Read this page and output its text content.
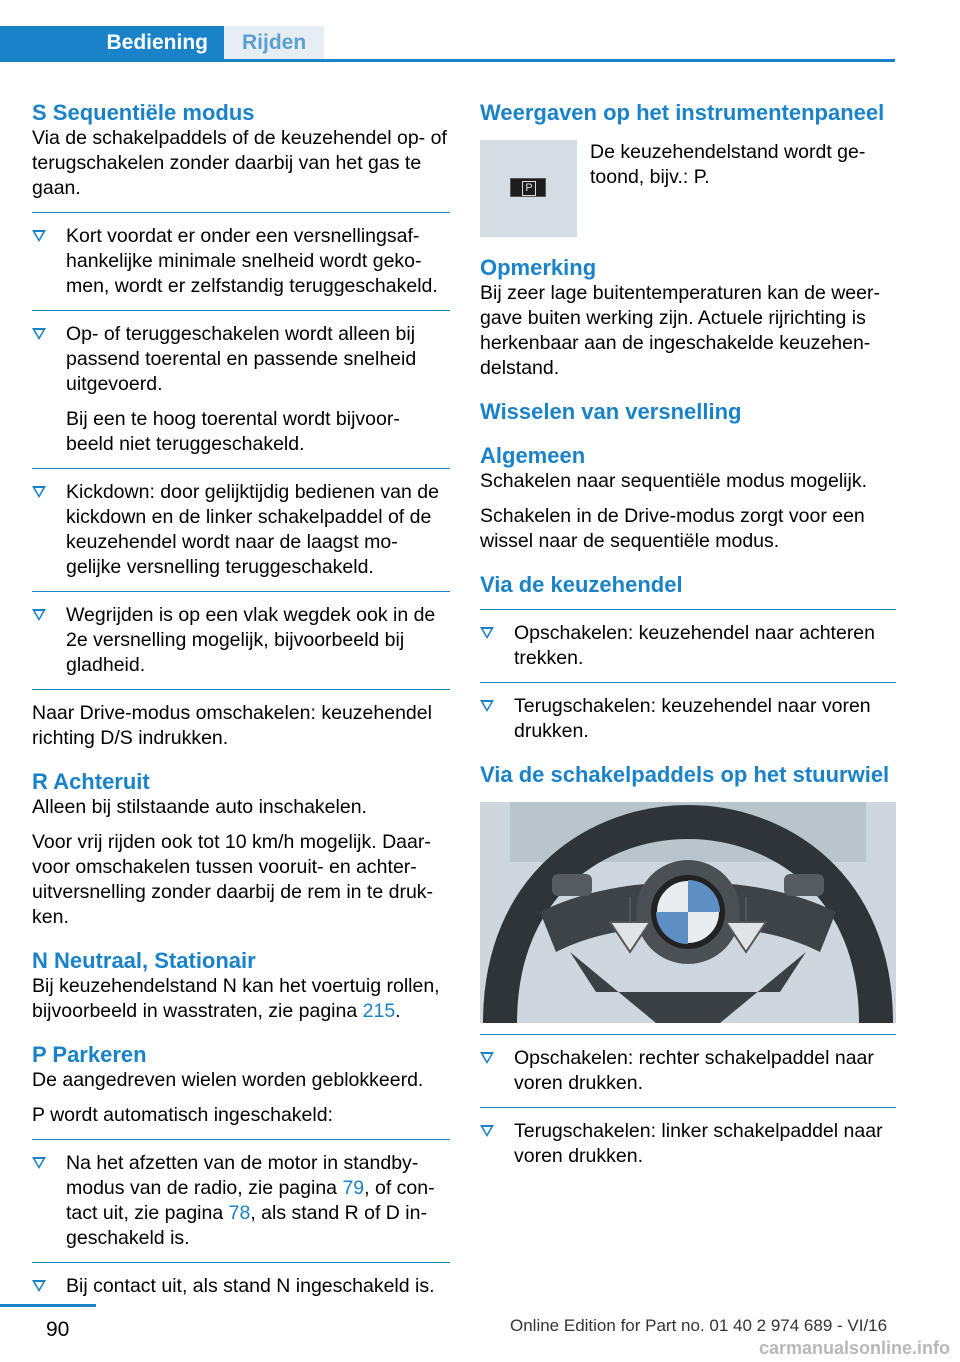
Bediening	Rijden
S Sequentiële modus

Via de schakelpaddels of de keuzehendel op- of terugschakelen zonder daarbij van het gas te gaan.

Kort voordat er onder een versnellingsaf- hankelijke minimale snelheid wordt geko- men, wordt er zelfstandig teruggeschakeld.
Op- of teruggeschakelen wordt alleen bij passend toerental en passende snelheid uitgevoerd.
Bij een te hoog toerental wordt bijvoor- beeld niet teruggeschakeld.
Kickdown: door gelijktijdig bedienen van de kickdown en de linker schakelpaddel of de keuzehendel wordt naar de laagst mo- gelijke versnelling teruggeschakeld.
Wegrijden is op een vlak wegdek ook in de 2e versnelling mogelijk, bijvoorbeeld bij gladheid.

Naar Drive-modus omschakelen: keuzehendel richting D/S indrukken.

R Achteruit

Alleen bij stilstaande auto inschakelen.

Voor vrij rijden ook tot 10 km/h mogelijk. Daar- voor omschakelen tussen vooruit- en achter- uitversnelling zonder daarbij de rem in te druk- ken.

N Neutraal, Stationair

Bij keuzehendelstand N kan het voertuig rollen, bijvoorbeeld in wasstraten, zie pagina 215.

P Parkeren

De aangedreven wielen worden geblokkeerd.

P wordt automatisch ingeschakeld:

Na het afzetten van de motor in standby- modus van de radio, zie pagina 79, of con- tact uit, zie pagina 78, als stand R of D in- geschakeld is.
Bij contact uit, als stand N ingeschakeld is.
Weergaven op het instrumentenpaneel
P

De keuzehendelstand wordt ge- toond, bijv.: P.

Opmerking

Bij zeer lage buitentemperaturen kan de weer- gave buiten werking zijn. Actuele rijrichting is herkenbaar aan de ingeschakelde keuzehen- delstand.

Wisselen van versnelling
Algemeen

Schakelen naar sequentiële modus mogelijk.

Schakelen in de Drive-modus zorgt voor een wissel naar de sequentiële modus.

Via de keuzehendel
Opschakelen: keuzehendel naar achteren trekken.
Terugschakelen: keuzehendel naar voren drukken.
Via de schakelpaddels op het stuurwiel
Opschakelen: rechter schakelpaddel naar voren drukken.
Terugschakelen: linker schakelpaddel naar voren drukken.
90	Online Edition for Part no. 01 40 2 974 689 - VI/16
carmanualsonline.info
